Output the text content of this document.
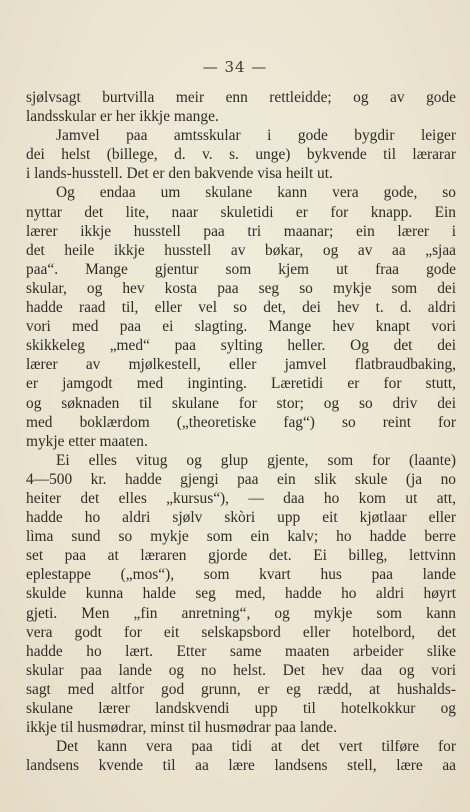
— 34 —
sjølvsagt burtvilla meir enn rettleidde; og av gode
landsskular er her ikkje mange.
Jamvel paa amtsskular i gode bygdir leiger
dei helst (billege, d. v. s. unge) bykvende til lærarar
i lands-husstell. Det er den bakvende visa heilt ut.
Og endaa um skulane kann vera gode, so
nyttar det lite, naar skuletidi er for knapp. Ein
lærer ikkje husstell paa tri maanar; ein lærer i
det heile ikkje husstell av bøkar, og av aa „sjaa
paa“. Mange gjentur som kjem ut fraa gode
skular, og hev kosta paa seg so mykje som dei
hadde raad til, eller vel so det, dei hev t. d. aldri
vori med paa ei slagting. Mange hev knapt vori
skikkeleg „med“ paa sylting heller. Og det dei
lærer av mjølkestell, eller jamvel flatbraudbaking,
er jamgodt med inginting. Læretidi er for stutt,
og søknaden til skulane for stor; og so driv dei
med boklærdom („theoretiske fag“) so reint for
mykje etter maaten.
Ei elles vitug og glup gjente, som for (laante)
4—500 kr. hadde gjengi paa ein slik skule (ja no
heiter det elles „kursus“), — daa ho kom ut att,
hadde ho aldri sjølv skòri upp eit kjøtlaar eller
lìma sund so mykje som ein kalv; ho hadde berre
set paa at læraren gjorde det. Ei billeg, lettvinn
eplestappe („mos“), som kvart hus paa lande
skulde kunna halde seg med, hadde ho aldri høyrt
gjeti. Men „fin anretning“, og mykje som kann
vera godt for eit selskapsbord eller hotelbord, det
hadde ho lært. Etter same maaten arbeider slike
skular paa lande og no helst. Det hev daa og vori
sagt med altfor god grunn, er eg rædd, at hushalds-
skulane lærer landskvendi upp til hotelkokkur og
ikkje til husmødrar, minst til husmødrar paa lande.
Det kann vera paa tidi at det vert tilføre for
landsens kvende til aa lære landsens stell, lære aa
